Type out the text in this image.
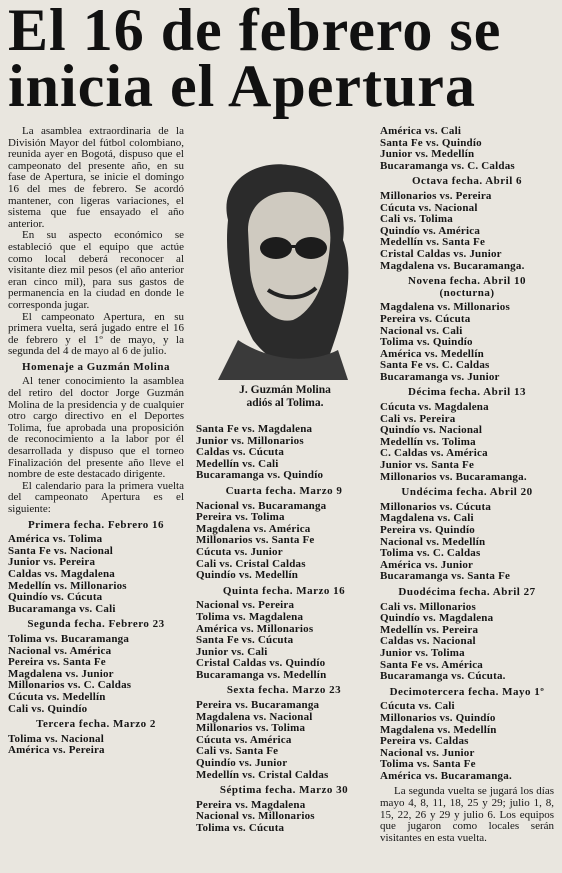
El 16 de febrero se inicia el Apertura

La asamblea extraordinaria de la División Mayor del fútbol colombiano, reunida ayer en Bogotá, dispuso que el campeonato del presente año, en su fase de Apertura, se inicie el domingo 16 del mes de febrero. Se acordó mantener, con ligeras variaciones, el sistema que fue ensayado el año anterior.

En su aspecto económico se estableció que el equipo que actúe como local deberá reconocer al visitante diez mil pesos (el año anterior eran cinco mil), para sus gastos de permanencia en la ciudad en donde le corresponda jugar.

El campeonato Apertura, en su primera vuelta, será jugado entre el 16 de febrero y el 1º de mayo, y la segunda del 4 de mayo al 6 de julio.

Homenaje a Guzmán Molina

Al tener conocimiento la asamblea del retiro del doctor Jorge Guzmán Molina de la presidencia y de cualquier otro cargo directivo en el Deportes Tolima, fue aprobada una proposición de reconocimiento a la labor por él desarrollada y dispuso que el torneo Finalización del presente año lleve el nombre de este destacado dirigente.

El calendario para la primera vuelta del campeonato Apertura es el siguiente:

Primera fecha. Febrero 16
América vs. Tolima
Santa Fe vs. Nacional
Junior vs. Pereira
Caldas vs. Magdalena
Medellín vs. Millonarios
Quindío vs. Cúcuta
Bucaramanga vs. Cali
Segunda fecha. Febrero 23
Tolima vs. Bucaramanga
Nacional vs. América
Pereira vs. Santa Fe
Magdalena vs. Junior
Millonarios vs. C. Caldas
Cúcuta vs. Medellín
Cali vs. Quindío
Tercera fecha. Marzo 2
Tolima vs. Nacional
América vs. Pereira
J. Guzmán Molina
adiós al Tolima.
Santa Fe vs. Magdalena
Junior vs. Millonarios
Caldas vs. Cúcuta
Medellín vs. Cali
Bucaramanga vs. Quindío
Cuarta fecha. Marzo 9
Nacional vs. Bucaramanga
Pereira vs. Tolima
Magdalena vs. América
Millonarios vs. Santa Fe
Cúcuta vs. Junior
Cali vs. Cristal Caldas
Quindío vs. Medellín
Quinta fecha. Marzo 16
Nacional vs. Pereira
Tolima vs. Magdalena
América vs. Millonarios
Santa Fe vs. Cúcuta
Junior vs. Cali
Cristal Caldas vs. Quindío
Bucaramanga vs. Medellín
Sexta fecha. Marzo 23
Pereira vs. Bucaramanga
Magdalena vs. Nacional
Millonarios vs. Tolima
Cúcuta vs. América
Cali vs. Santa Fe
Quindío vs. Junior
Medellín vs. Cristal Caldas
Séptima fecha. Marzo 30
Pereira vs. Magdalena
Nacional vs. Millonarios
Tolima vs. Cúcuta
América vs. Cali
Santa Fe vs. Quindío
Junior vs. Medellín
Bucaramanga vs. C. Caldas
Octava fecha. Abril 6
Millonarios vs. Pereira
Cúcuta vs. Nacional
Cali vs. Tolima
Quindío vs. América
Medellín vs. Santa Fe
Cristal Caldas vs. Junior
Magdalena vs. Bucaramanga.
Novena fecha. Abril 10 (nocturna)
Magdalena vs. Millonarios
Pereira vs. Cúcuta
Nacional vs. Cali
Tolima vs. Quindío
América vs. Medellín
Santa Fe vs. C. Caldas
Bucaramanga vs. Junior
Décima fecha. Abril 13
Cúcuta vs. Magdalena
Cali vs. Pereira
Quindío vs. Nacional
Medellín vs. Tolima
C. Caldas vs. América
Junior vs. Santa Fe
Millonarios vs. Bucaramanga.
Undécima fecha. Abril 20
Millonarios vs. Cúcuta
Magdalena vs. Cali
Pereira vs. Quindío
Nacional vs. Medellín
Tolima vs. C. Caldas
América vs. Junior
Bucaramanga vs. Santa Fe
Duodécima fecha. Abril 27
Cali vs. Millonarios
Quindío vs. Magdalena
Medellín vs. Pereira
Caldas vs. Nacional
Junior vs. Tolima
Santa Fe vs. América
Bucaramanga vs. Cúcuta.
Decimotercera fecha. Mayo 1º
Cúcuta vs. Cali
Millonarios vs. Quindío
Magdalena vs. Medellín
Pereira vs. Caldas
Nacional vs. Junior
Tolima vs. Santa Fe
América vs. Bucaramanga.

La segunda vuelta se jugará los días mayo 4, 8, 11, 18, 25 y 29; julio 1, 8, 15, 22, 26 y 29 y julio 6. Los equipos que jugaron como locales serán visitantes en esta vuelta.
